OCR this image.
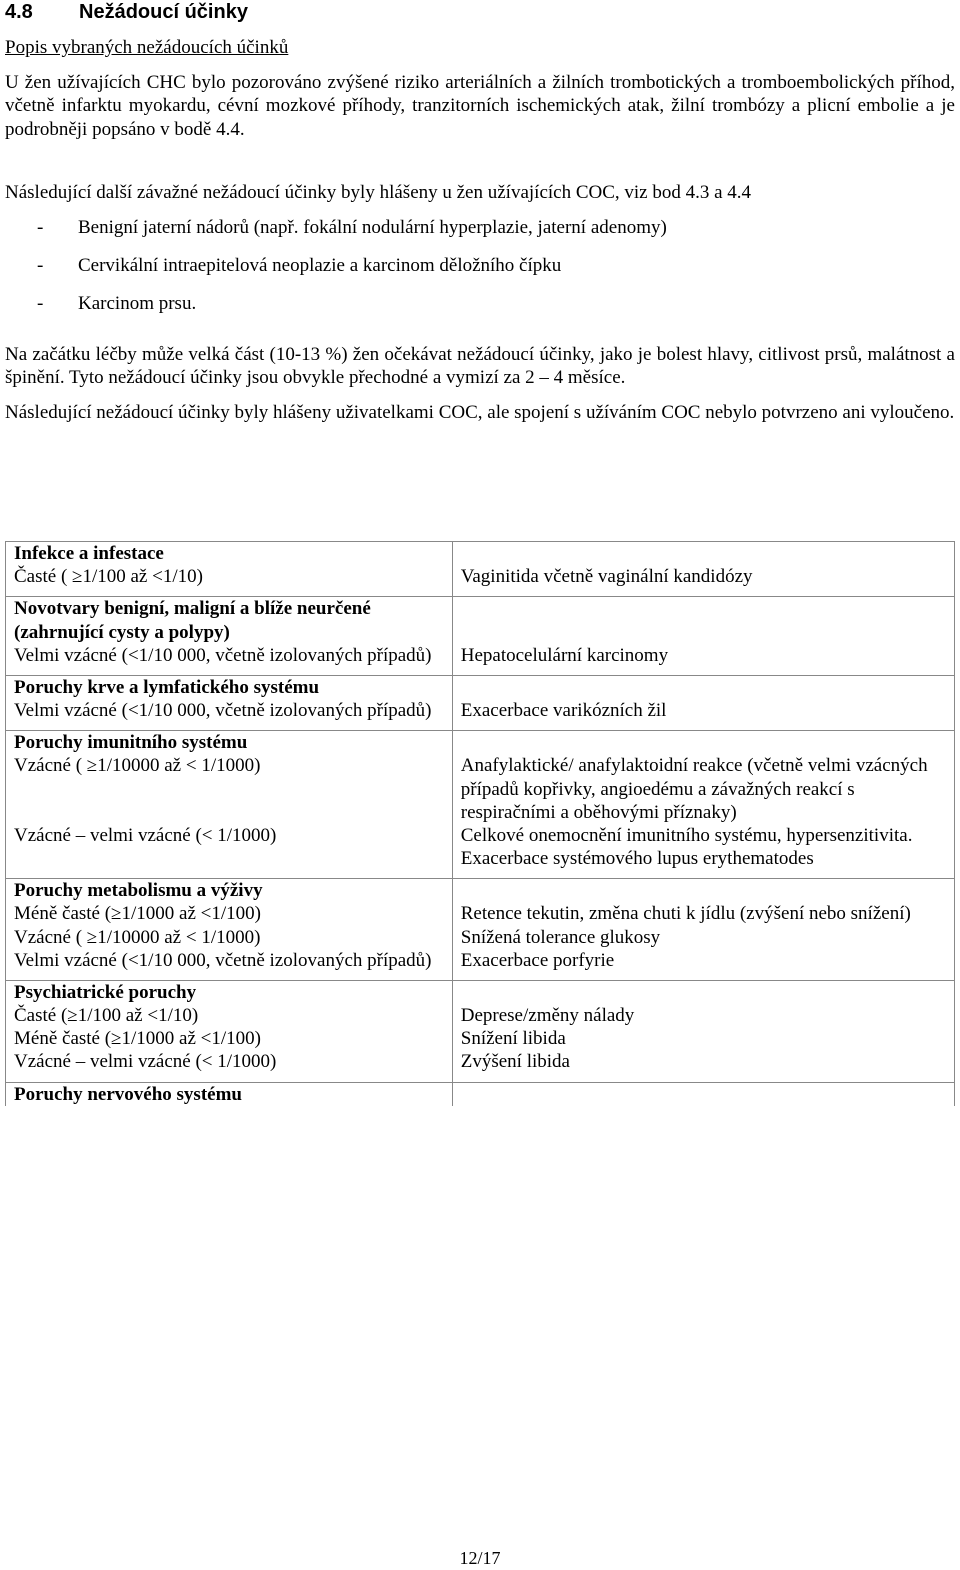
4.8	Nežádoucí účinky
Popis vybraných nežádoucích účinků

U žen užívajících CHC bylo pozorováno zvýšené riziko arteriálních a žilních trombotických a tromboembolických příhod, včetně infarktu myokardu, cévní mozkové příhody, tranzitorních ischemických atak, žilní trombózy a plicní embolie a je podrobněji popsáno v bodě 4.4.

Následující další závažné nežádoucí účinky byly hlášeny u žen užívajících COC, viz bod 4.3 a 4.4

-	Benigní jaterní nádorů (např. fokální nodulární hyperplazie, jaterní adenomy)
-	Cervikální intraepitelová neoplazie a karcinom děložního čípku
-	Karcinom prsu.

Na začátku léčby může velká část (10-13 %) žen očekávat nežádoucí účinky, jako je bolest hlavy, citlivost prsů, malátnost a špinění. Tyto nežádoucí účinky jsou obvykle přechodné a vymizí za 2 – 4 měsíce.

Následující nežádoucí účinky byly hlášeny uživatelkami COC, ale spojení s užíváním COC nebylo potvrzeno ani vyloučeno.

Infekce a infestace	
Časté ( ≥1/100 až <1/10)	Vaginitida včetně vaginální kandidózy
Novotvary benigní, maligní a blíže neurčené (zahrnující cysty a polypy)	
Velmi vzácné (<1/10 000, včetně izolovaných případů)	Hepatocelulární karcinomy
Poruchy krve a lymfatického systému	
Velmi vzácné (<1/10 000, včetně izolovaných případů)	Exacerbace varikózních žil
Poruchy imunitního systému	
Vzácné ( ≥1/10000 až < 1/1000)	Anafylaktické/ anafylaktoidní reakce (včetně velmi vzácných případů kopřivky, angioedému a závažných reakcí s respiračními a oběhovými příznaky)
Vzácné – velmi vzácné (< 1/1000)	Celkové onemocnění imunitního systému, hypersenzitivita. Exacerbace systémového lupus erythematodes
Poruchy metabolismu a výživy	
Méně časté (≥1/1000 až <1/100)	Retence tekutin, změna chuti k jídlu (zvýšení nebo snížení)
Vzácné ( ≥1/10000 až < 1/1000)	Snížená tolerance glukosy
Velmi vzácné (<1/10 000, včetně izolovaných případů)	Exacerbace porfyrie
Psychiatrické poruchy	
Časté (≥1/100 až <1/10)	Deprese/změny nálady
Méně časté (≥1/1000 až <1/100)	Snížení libida
Vzácné – velmi vzácné (< 1/1000)	Zvýšení libida
Poruchy nervového systému	
12/17
